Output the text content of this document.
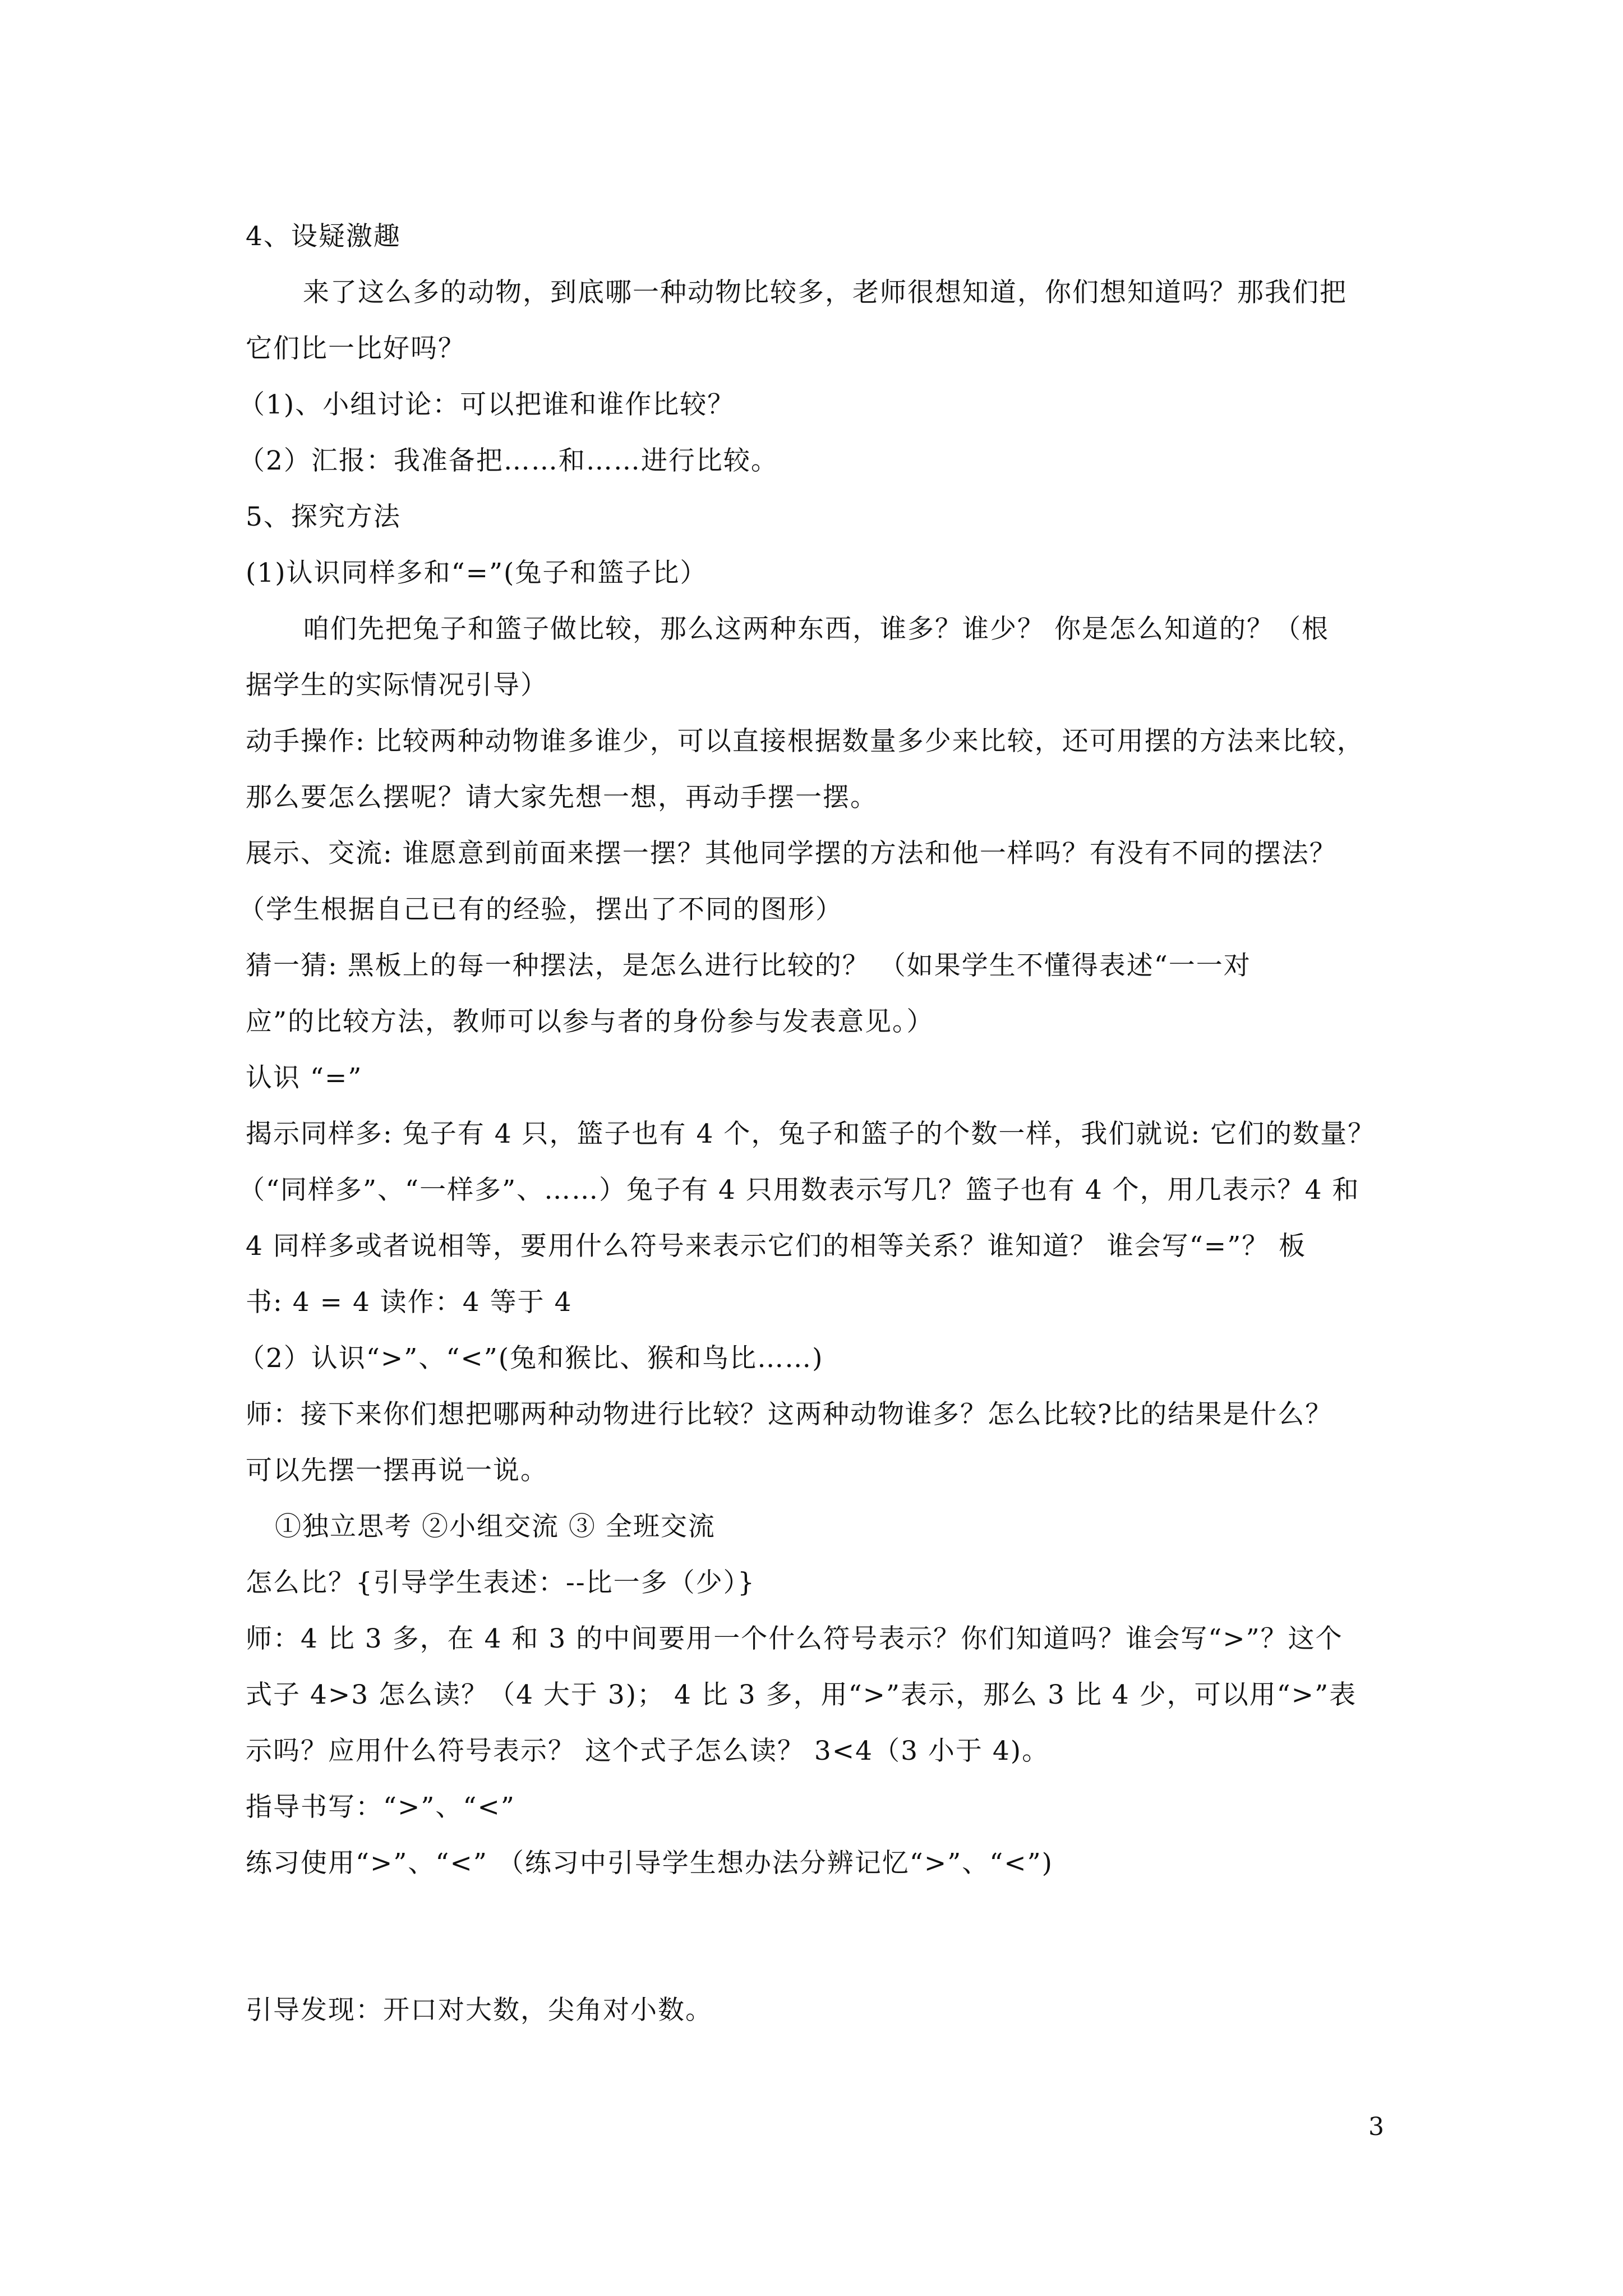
4、设疑激趣
来了这么多的动物，到底哪一种动物比较多，老师很想知道，你们想知道吗？那我们把
它们比一比好吗？
（1)、小组讨论：可以把谁和谁作比较？
（2）汇报：我准备把……和……进行比较。
5、探究方法
(1)认识同样多和“=”(兔子和篮子比）
咱们先把兔子和篮子做比较，那么这两种东西，谁多？谁少？ 你是怎么知道的？（根
据学生的实际情况引导）
动手操作: 比较两种动物谁多谁少，可以直接根据数量多少来比较，还可用摆的方法来比较，
那么要怎么摆呢？请大家先想一想，再动手摆一摆。
展示、交流: 谁愿意到前面来摆一摆？其他同学摆的方法和他一样吗？有没有不同的摆法？
（学生根据自己已有的经验，摆出了不同的图形）
猜一猜: 黑板上的每一种摆法，是怎么进行比较的？ （如果学生不懂得表述“一一对
应”的比较方法，教师可以参与者的身份参与发表意见。）
认识 “=”
揭示同样多: 兔子有 4 只，篮子也有 4 个，兔子和篮子的个数一样，我们就说: 它们的数量？
（“同样多”、“一样多”、……）兔子有 4 只用数表示写几？篮子也有 4 个，用几表示？4 和
4 同样多或者说相等，要用什么符号来表示它们的相等关系？谁知道？ 谁会写“=”？ 板
书: 4 = 4 读作：4 等于 4
（2）认识“>”、“<”(兔和猴比、猴和鸟比……)
师：接下来你们想把哪两种动物进行比较？这两种动物谁多？怎么比较?比的结果是什么？
可以先摆一摆再说一说。
①独立思考 ②小组交流 ③ 全班交流
怎么比？{引导学生表述：--比一多（少）}
师：4 比 3 多，在 4 和 3 的中间要用一个什么符号表示？你们知道吗？谁会写“>”？这个
式子 4>3 怎么读？（4 大于 3)； 4 比 3 多，用“>”表示，那么 3 比 4 少，可以用“>”表
示吗？应用什么符号表示？ 这个式子怎么读？ 3<4（3 小于 4)。
指导书写：“>”、“<”
练习使用“>”、“<” （练习中引导学生想办法分辨记忆“>”、“<”)
引导发现：开口对大数，尖角对小数。
3
